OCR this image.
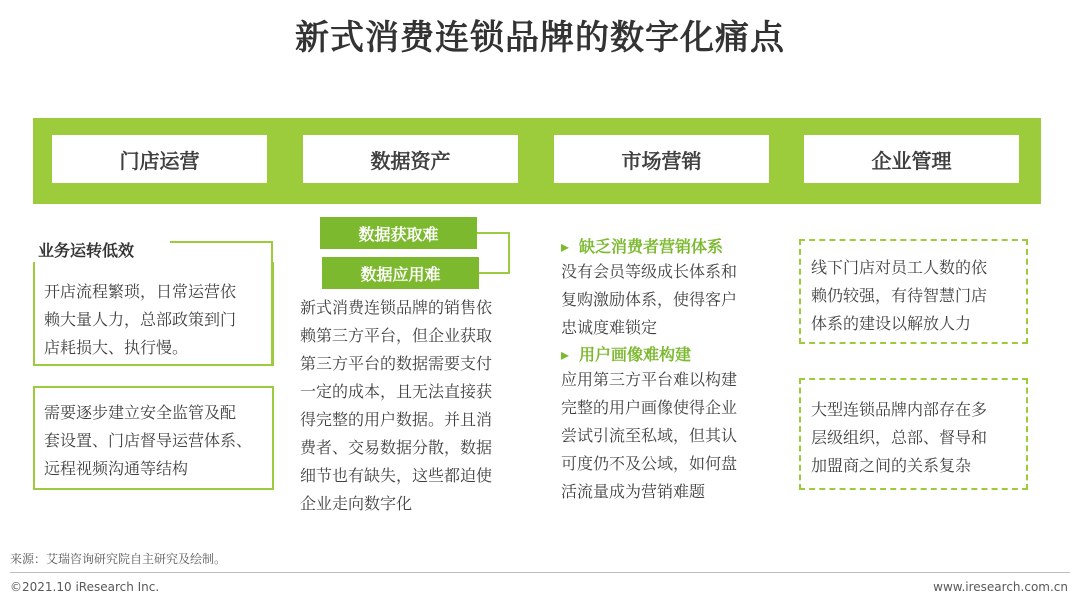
新式消费连锁品牌的数字化痛点
门店运营	数据资产	市场营销	企业管理
业务运转低效
开店流程繁琐，日常运营依
赖大量人力，总部政策到门
店耗损大、执行慢。
需要逐步建立安全监管及配
套设置、门店督导运营体系、
远程视频沟通等结构
数据获取难
数据应用难
新式消费连锁品牌的销售依
赖第三方平台，但企业获取
第三方平台的数据需要支付
一定的成本，且无法直接获
得完整的用户数据。并且消
费者、交易数据分散，数据
细节也有缺失，这些都迫使
企业走向数字化
▸ 缺乏消费者营销体系
没有会员等级成长体系和
复购激励体系，使得客户
忠诚度难锁定
▸ 用户画像难构建
应用第三方平台难以构建
完整的用户画像使得企业
尝试引流至私域，但其认
可度仍不及公域，如何盘
活流量成为营销难题
线下门店对员工人数的依
赖仍较强，有待智慧门店
体系的建设以解放人力
大型连锁品牌内部存在多
层级组织，总部、督导和
加盟商之间的关系复杂
来源：艾瑞咨询研究院自主研究及绘制。
©2021.10 iResearch Inc.	www.iresearch.com.cn
